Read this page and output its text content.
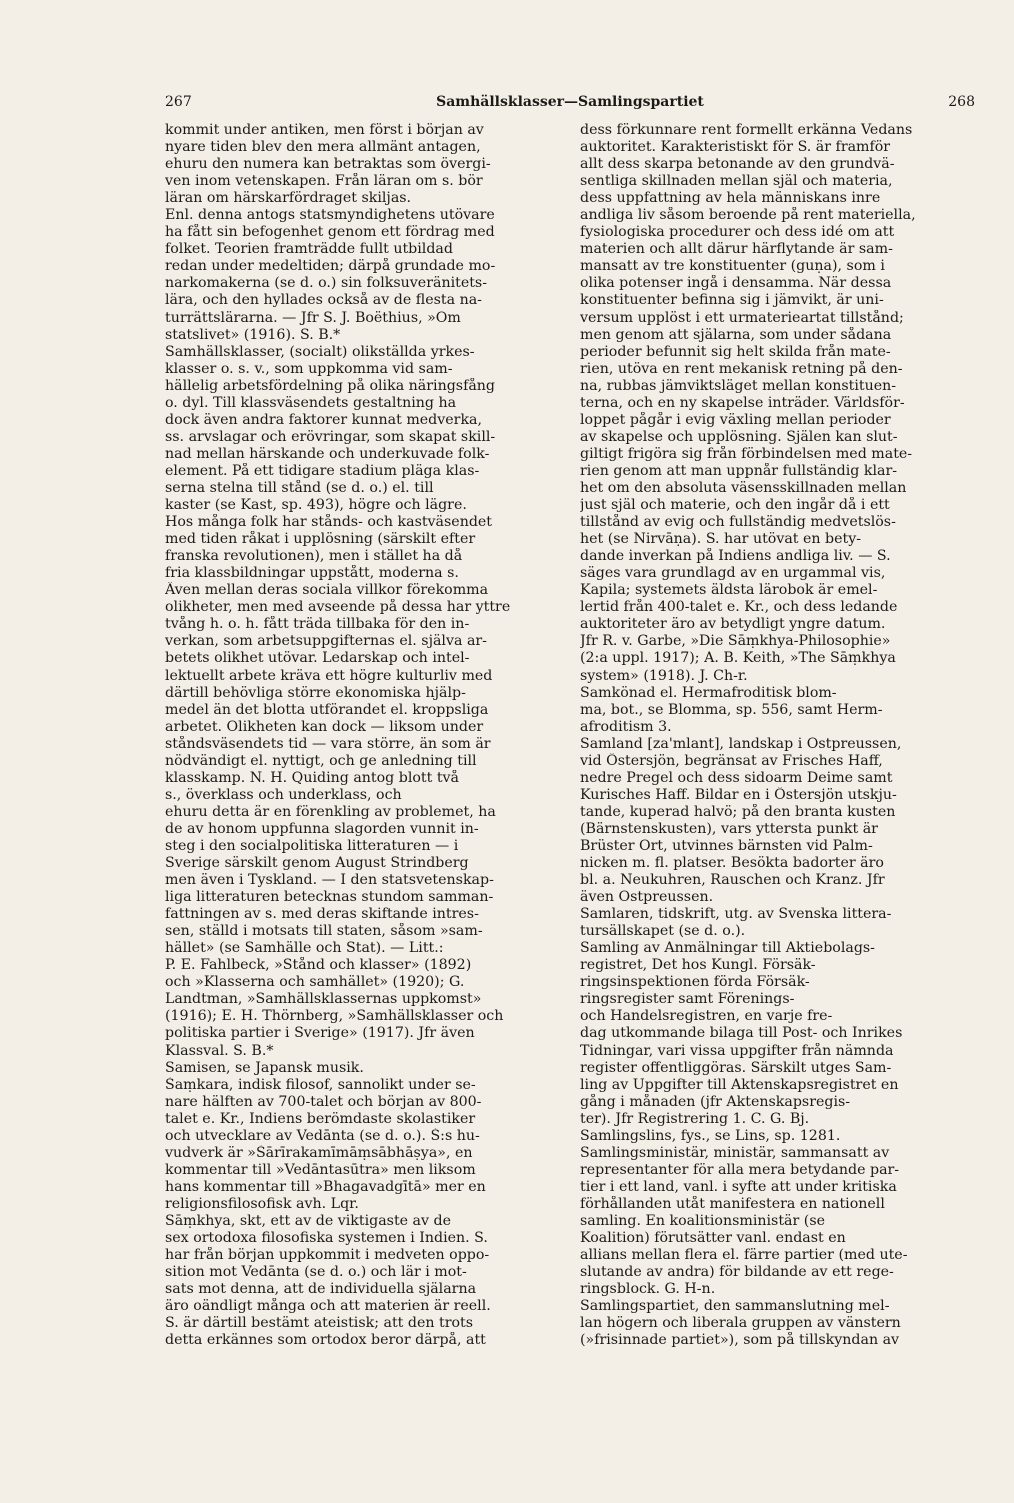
267	Samhällsklasser—Samlingspartiet	268
kommit under antiken, men först i början av
nyare tiden blev den mera allmänt antagen,
ehuru den numera kan betraktas som övergi-
ven inom vetenskapen. Från läran om s. bör
läran om härskarfördraget skiljas.
Enl. denna antogs statsmyndighetens utövare
ha fått sin befogenhet genom ett fördrag med
folket. Teorien framträdde fullt utbildad
redan under medeltiden; därpå grundade mo-
narkomakerna (se d. o.) sin folksuveränitets-
lära, och den hyllades också av de flesta na-
turrättslärarna. — Jfr S. J. Boëthius, »Om
statslivet» (1916). S. B.*
Samhällsklasser, (socialt) olikställda yrkes-
klasser o. s. v., som uppkomma vid sam-
hällelig arbetsfördelning på olika näringsfång
o. dyl. Till klassväsendets gestaltning ha
dock även andra faktorer kunnat medverka,
ss. arvslagar och erövringar, som skapat skill-
nad mellan härskande och underkuvade folk-
element. På ett tidigare stadium pläga klas-
serna stelna till stånd (se d. o.) el. till
kaster (se Kast, sp. 493), högre och lägre.
Hos många folk har stånds- och kastväsendet
med tiden råkat i upplösning (särskilt efter
franska revolutionen), men i stället ha då
fria klassbildningar uppstått, moderna s.
Även mellan deras sociala villkor förekomma
olikheter, men med avseende på dessa har yttre
tvång h. o. h. fått träda tillbaka för den in-
verkan, som arbetsuppgifternas el. själva ar-
betets olikhet utövar. Ledarskap och intel-
lektuellt arbete kräva ett högre kulturliv med
därtill behövliga större ekonomiska hjälp-
medel än det blotta utförandet el. kroppsliga
arbetet. Olikheten kan dock — liksom under
ståndsväsendets tid — vara större, än som är
nödvändigt el. nyttigt, och ge anledning till
klasskamp. N. H. Quiding antog blott två
s., överklass och underklass, och
ehuru detta är en förenkling av problemet, ha
de av honom uppfunna slagorden vunnit in-
steg i den socialpolitiska litteraturen — i
Sverige särskilt genom August Strindberg
men även i Tyskland. — I den statsvetenskap-
liga litteraturen betecknas stundom samman-
fattningen av s. med deras skiftande intres-
sen, ställd i motsats till staten, såsom »sam-
hället» (se Samhälle och Stat). — Litt.:
P. E. Fahlbeck, »Stånd och klasser» (1892)
och »Klasserna och samhället» (1920); G.
Landtman, »Samhällsklassernas uppkomst»
(1916); E. H. Thörnberg, »Samhällsklasser och
politiska partier i Sverige» (1917). Jfr även
Klassval. S. B.*
Samisen, se Japansk musik.
Śaṃkara, indisk filosof, sannolikt under se-
nare hälften av 700-talet och början av 800-
talet e. Kr., Indiens berömdaste skolastiker
och utvecklare av Vedānta (se d. o.). Ś:s hu-
vudverk är »Śārīrakamīmāṃsābhāṣya», en
kommentar till »Vedāntasūtra» men liksom
hans kommentar till »Bhagavadgītā» mer en
religionsfilosofisk avh. Lqr.
Sāṃkhya, skt, ett av de viktigaste av de
sex ortodoxa filosofiska systemen i Indien. S.
har från början uppkommit i medveten oppo-
sition mot Vedānta (se d. o.) och lär i mot-
sats mot denna, att de individuella själarna
äro oändligt många och att materien är reell.
S. är därtill bestämt ateistisk; att den trots
detta erkännes som ortodox beror därpå, att
dess förkunnare rent formellt erkänna Vedans
auktoritet. Karakteristiskt för S. är framför
allt dess skarpa betonande av den grundvä-
sentliga skillnaden mellan själ och materia,
dess uppfattning av hela människans inre
andliga liv såsom beroende på rent materiella,
fysiologiska procedurer och dess idé om att
materien och allt därur härflytande är sam-
mansatt av tre konstituenter (guṇa), som i
olika potenser ingå i densamma. När dessa
konstituenter befinna sig i jämvikt, är uni-
versum upplöst i ett urmaterieartat tillstånd;
men genom att själarna, som under sådana
perioder befunnit sig helt skilda från mate-
rien, utöva en rent mekanisk retning på den-
na, rubbas jämviktsläget mellan konstituen-
terna, och en ny skapelse inträder. Världsför-
loppet pågår i evig växling mellan perioder
av skapelse och upplösning. Själen kan slut-
giltigt frigöra sig från förbindelsen med mate-
rien genom att man uppnår fullständig klar-
het om den absoluta väsensskillnaden mellan
just själ och materie, och den ingår då i ett
tillstånd av evig och fullständig medvetslös-
het (se Nirvāṇa). S. har utövat en bety-
dande inverkan på Indiens andliga liv. — S.
säges vara grundlagd av en urgammal vis,
Kapila; systemets äldsta lärobok är emel-
lertid från 400-talet e. Kr., och dess ledande
auktoriteter äro av betydligt yngre datum.
Jfr R. v. Garbe, »Die Sāṃkhya-Philosophie»
(2:a uppl. 1917); A. B. Keith, »The Sāṃkhya
system» (1918). J. Ch-r.
Samkönad el. Hermafroditisk blom-
ma, bot., se Blomma, sp. 556, samt Herm-
afroditism 3.
Samland [za'mlant], landskap i Ostpreussen,
vid Östersjön, begränsat av Frisches Haff,
nedre Pregel och dess sidoarm Deime samt
Kurisches Haff. Bildar en i Östersjön utskju-
tande, kuperad halvö; på den branta kusten
(Bärnstenskusten), vars yttersta punkt är
Brüster Ort, utvinnes bärnsten vid Palm-
nicken m. fl. platser. Besökta badorter äro
bl. a. Neukuhren, Rauschen och Kranz. Jfr
även Ostpreussen.
Samlaren, tidskrift, utg. av Svenska littera-
tursällskapet (se d. o.).
Samling av Anmälningar till Aktiebolags-
registret, Det hos Kungl. Försäk-
ringsinspektionen förda Försäk-
ringsregister samt Förenings-
och Handelsregistren, en varje fre-
dag utkommande bilaga till Post- och Inrikes
Tidningar, vari vissa uppgifter från nämnda
register offentliggöras. Särskilt utges Sam-
ling av Uppgifter till Aktenskapsregistret en
gång i månaden (jfr Aktenskapsregis-
ter). Jfr Registrering 1. C. G. Bj.
Samlingslins, fys., se Lins, sp. 1281.
Samlingsministär, ministär, sammansatt av
representanter för alla mera betydande par-
tier i ett land, vanl. i syfte att under kritiska
förhållanden utåt manifestera en nationell
samling. En koalitionsministär (se
Koalition) förutsätter vanl. endast en
allians mellan flera el. färre partier (med ute-
slutande av andra) för bildande av ett rege-
ringsblock. G. H-n.
Samlingspartiet, den sammanslutning mel-
lan högern och liberala gruppen av vänstern
(»frisinnade partiet»), som på tillskyndan av
